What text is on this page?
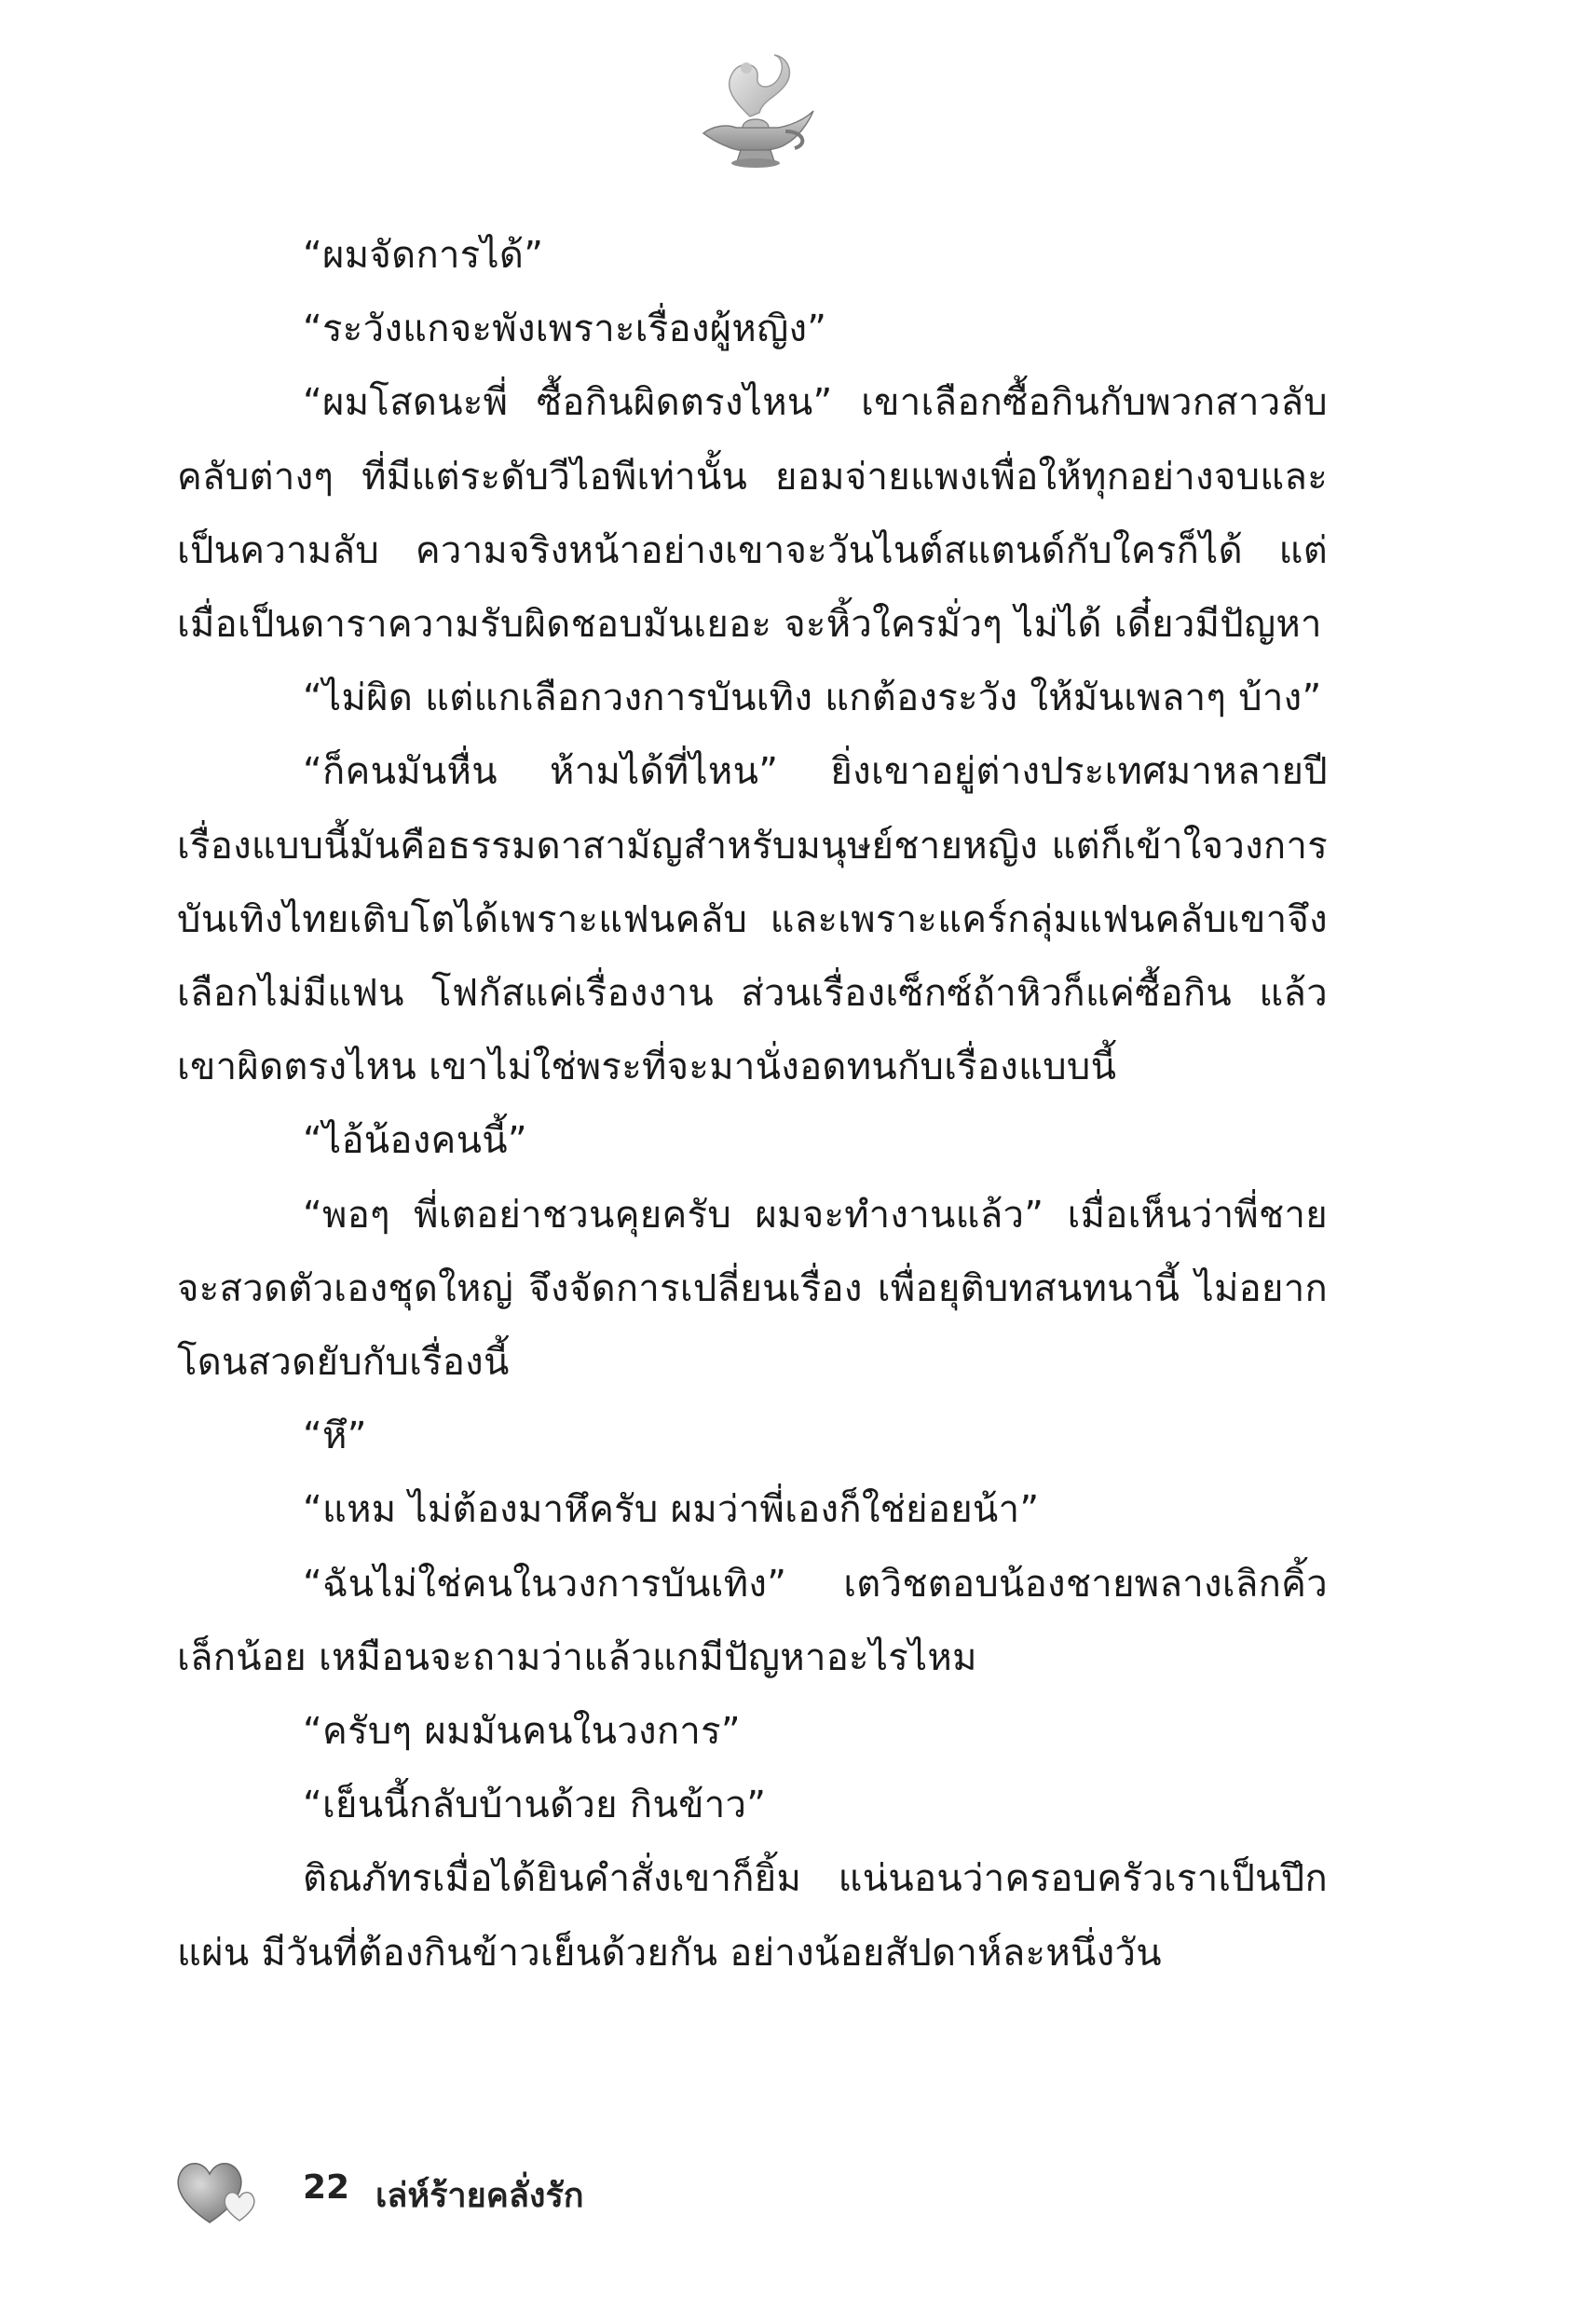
“ผมจัดการได้”

“ระวังแกจะพังเพราะเรื่องผู้หญิง”

“ผมโสดนะพี่ ซื้อกินผิดตรงไหน” เขาเลือกซื้อกินกับพวกสาวลับคลับต่างๆ ที่มีแต่ระดับวีไอพีเท่านั้น ยอมจ่ายแพงเพื่อให้ทุกอย่างจบและเป็นความลับ ความจริงหน้าอย่างเขาจะวันไนต์สแตนด์กับใครก็ได้ แต่เมื่อเป็นดาราความรับผิดชอบมันเยอะ จะหิ้วใครมั่วๆ ไม่ได้ เดี๋ยวมีปัญหา

“ไม่ผิด แต่แกเลือกวงการบันเทิง แกต้องระวัง ให้มันเพลาๆ บ้าง”

“ก็คนมันหื่น ห้ามได้ที่ไหน” ยิ่งเขาอยู่ต่างประเทศมาหลายปี เรื่องแบบนี้มันคือธรรมดาสามัญสำหรับมนุษย์ชายหญิง แต่ก็เข้าใจวงการบันเทิงไทยเติบโตได้เพราะแฟนคลับ และเพราะแคร์กลุ่มแฟนคลับเขาจึงเลือกไม่มีแฟน โฟกัสแค่เรื่องงาน ส่วนเรื่องเซ็กซ์ถ้าหิวก็แค่ซื้อกิน แล้วเขาผิดตรงไหน เขาไม่ใช่พระที่จะมานั่งอดทนกับเรื่องแบบนี้

“ไอ้น้องคนนี้”

“พอๆ พี่เตอย่าชวนคุยครับ ผมจะทำงานแล้ว” เมื่อเห็นว่าพี่ชายจะสวดตัวเองชุดใหญ่ จึงจัดการเปลี่ยนเรื่อง เพื่อยุติบทสนทนานี้ ไม่อยากโดนสวดยับกับเรื่องนี้

“หึ”

“แหม ไม่ต้องมาหึครับ ผมว่าพี่เองก็ใช่ย่อยน้า”

“ฉันไม่ใช่คนในวงการบันเทิง” เตวิชตอบน้องชายพลางเลิกคิ้วเล็กน้อย เหมือนจะถามว่าแล้วแกมีปัญหาอะไรไหม

“ครับๆ ผมมันคนในวงการ”

“เย็นนี้กลับบ้านด้วย กินข้าว”

ติณภัทรเมื่อได้ยินคำสั่งเขาก็ยิ้ม แน่นอนว่าครอบครัวเราเป็นปึกแผ่น มีวันที่ต้องกินข้าวเย็นด้วยกัน อย่างน้อยสัปดาห์ละหนึ่งวัน

22 เล่ห์ร้ายคลั่งรัก
